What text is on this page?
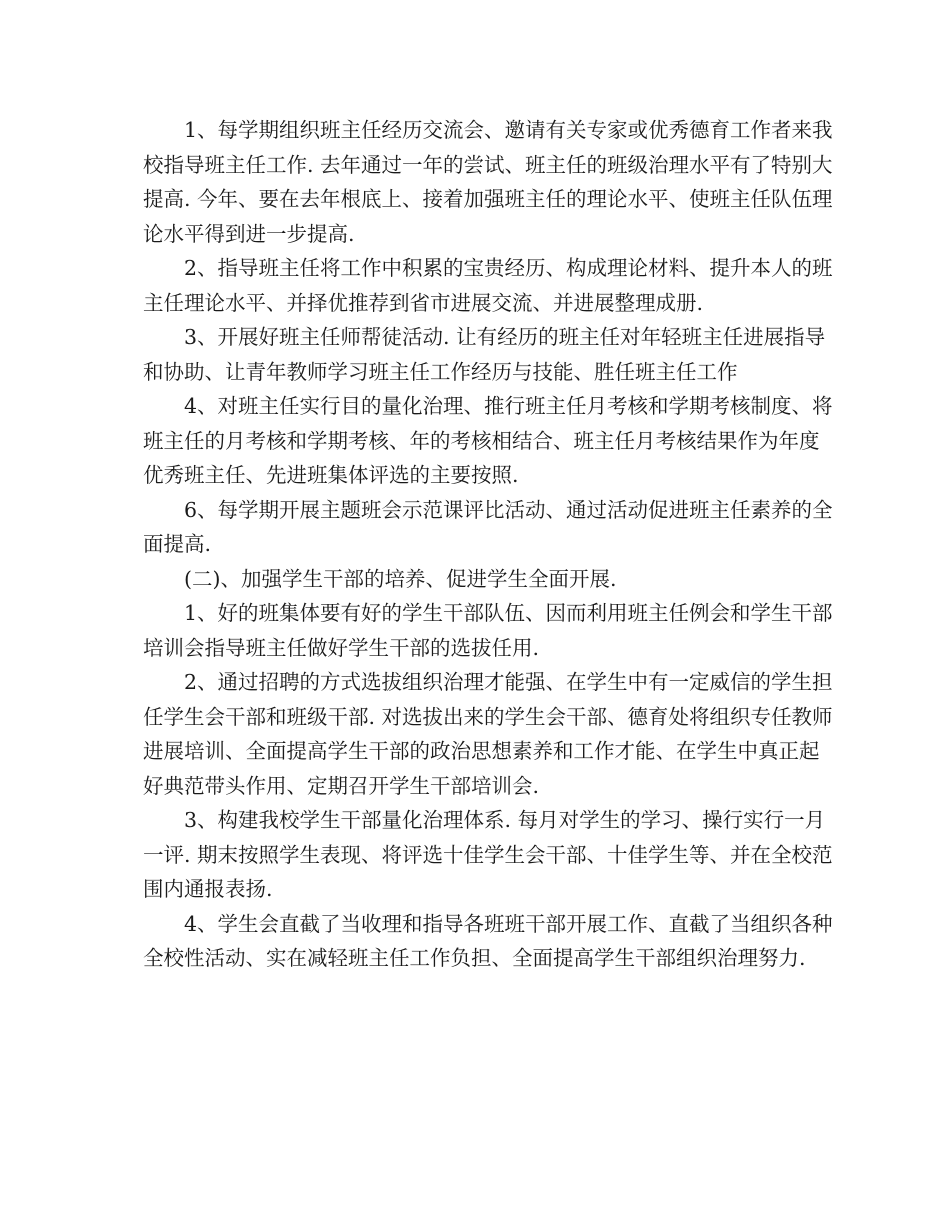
1、每学期组织班主任经历交流会、邀请有关专家或优秀德育工作者来我校指导班主任工作. 去年通过一年的尝试、班主任的班级治理水平有了特别大提高. 今年、要在去年根底上、接着加强班主任的理论水平、使班主任队伍理论水平得到进一步提高.

2、指导班主任将工作中积累的宝贵经历、构成理论材料、提升本人的班主任理论水平、并择优推荐到省市进展交流、并进展整理成册.

3、开展好班主任师帮徒活动. 让有经历的班主任对年轻班主任进展指导和协助、让青年教师学习班主任工作经历与技能、胜任班主任工作

4、对班主任实行目的量化治理、推行班主任月考核和学期考核制度、将班主任的月考核和学期考核、年的考核相结合、班主任月考核结果作为年度优秀班主任、先进班集体评选的主要按照.

6、每学期开展主题班会示范课评比活动、通过活动促进班主任素养的全面提高.

(二)、加强学生干部的培养、促进学生全面开展.

1、好的班集体要有好的学生干部队伍、因而利用班主任例会和学生干部培训会指导班主任做好学生干部的选拔任用.

2、通过招聘的方式选拔组织治理才能强、在学生中有一定威信的学生担任学生会干部和班级干部. 对选拔出来的学生会干部、德育处将组织专任教师进展培训、全面提高学生干部的政治思想素养和工作才能、在学生中真正起好典范带头作用、定期召开学生干部培训会.

3、构建我校学生干部量化治理体系. 每月对学生的学习、操行实行一月一评. 期末按照学生表现、将评选十佳学生会干部、十佳学生等、并在全校范围内通报表扬.

4、学生会直截了当收理和指导各班班干部开展工作、直截了当组织各种全校性活动、实在减轻班主任工作负担、全面提高学生干部组织治理努力.
